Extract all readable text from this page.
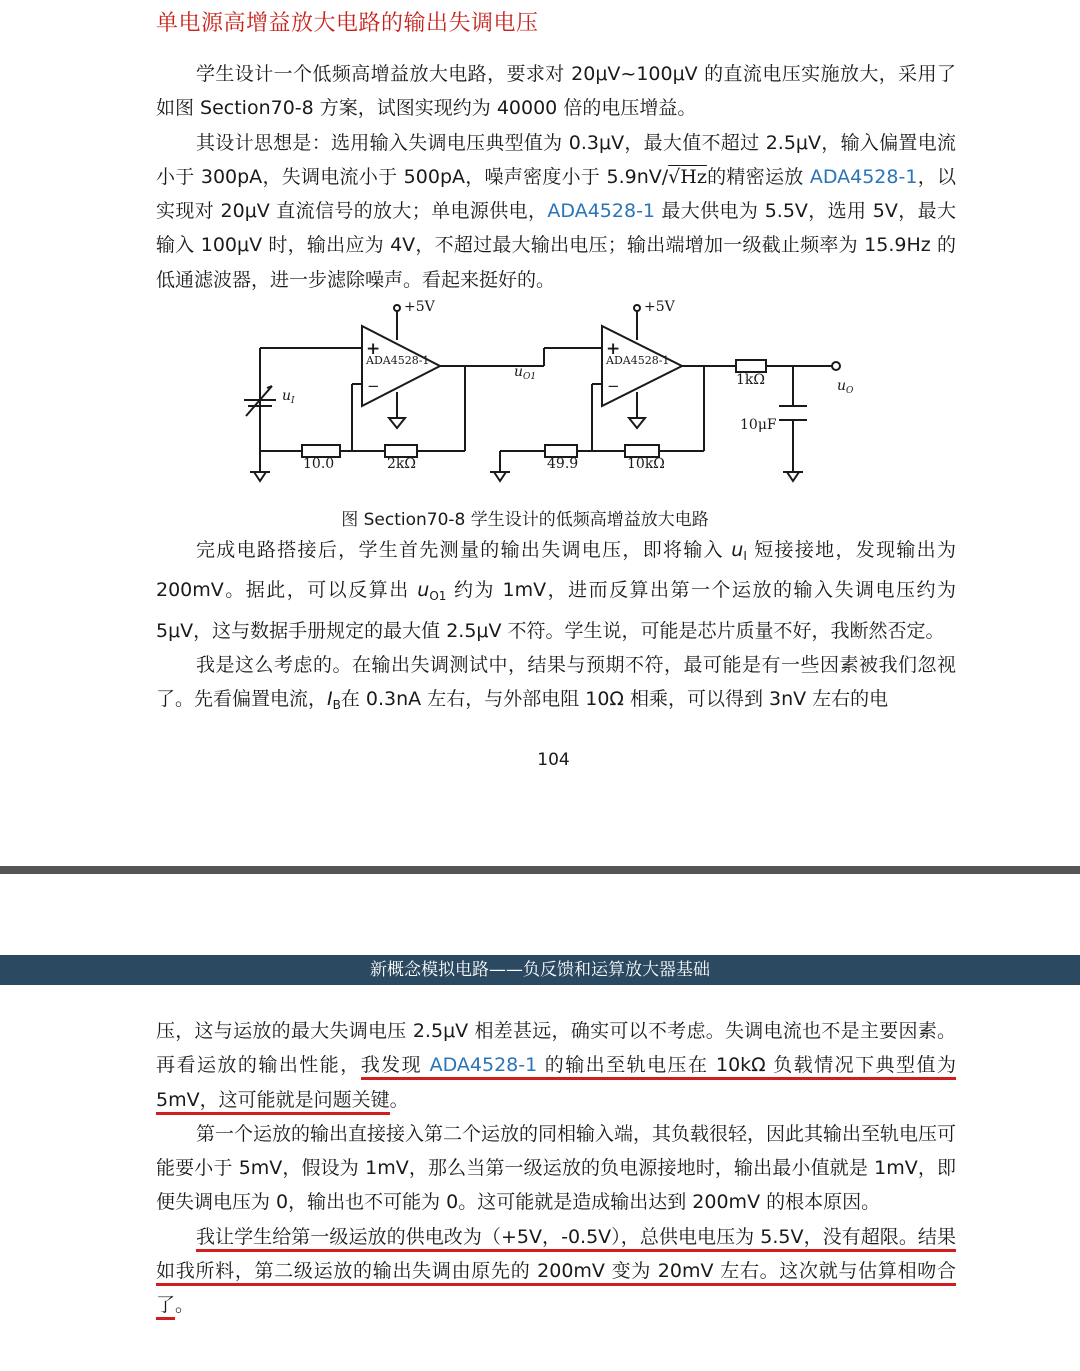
单电源高增益放大电路的输出失调电压

学生设计一个低频高增益放大电路，要求对 20μV~100μV 的直流电压实施放大，采用了如图 Section70-8 方案，试图实现约为 40000 倍的电压增益。

其设计思想是：选用输入失调电压典型值为 0.3μV，最大值不超过 2.5μV，输入偏置电流小于 300pA，失调电流小于 500pA，噪声密度小于 5.9nV/√Hz的精密运放 ADA4528-1，以实现对 20μV 直流信号的放大；单电源供电，ADA4528-1 最大供电为 5.5V，选用 5V，最大输入 100μV 时，输出应为 4V，不超过最大输出电压；输出端增加一级截止频率为 15.9Hz 的低通滤波器，进一步滤除噪声。看起来挺好的。

+5V	+5V
ADA4528-1	ADA4528-1
+
−
+
−
$u_I$
$u_{O1}$
$u_O$
10.0	2kΩ	49.9	10kΩ
1kΩ
10μF
图 Section70-8 学生设计的低频高增益放大电路

完成电路搭接后，学生首先测量的输出失调电压，即将输入 $u_I$ 短接接地，发现输出为 200mV。据此，可以反算出 $u_{O1}$ 约为 1mV，进而反算出第一个运放的输入失调电压约为 5μV，这与数据手册规定的最大值 2.5μV 不符。学生说，可能是芯片质量不好，我断然否定。

我是这么考虑的。在输出失调测试中，结果与预期不符，最可能是有一些因素被我们忽视了。先看偏置电流，$I_B$在 0.3nA 左右，与外部电阻 10Ω 相乘，可以得到 3nV 左右的电

104
新概念模拟电路——负反馈和运算放大器基础

压，这与运放的最大失调电压 2.5μV 相差甚远，确实可以不考虑。失调电流也不是主要因素。再看运放的输出性能，我发现 ADA4528-1 的输出至轨电压在 10kΩ 负载情况下典型值为 5mV，这可能就是问题关键。

第一个运放的输出直接接入第二个运放的同相输入端，其负载很轻，因此其输出至轨电压可能要小于 5mV，假设为 1mV，那么当第一级运放的负电源接地时，输出最小值就是 1mV，即便失调电压为 0，输出也不可能为 0。这可能就是造成输出达到 200mV 的根本原因。

我让学生给第一级运放的供电改为（+5V，-0.5V），总供电电压为 5.5V，没有超限。结果如我所料，第二级运放的输出失调由原先的 200mV 变为 20mV 左右。这次就与估算相吻合了。
